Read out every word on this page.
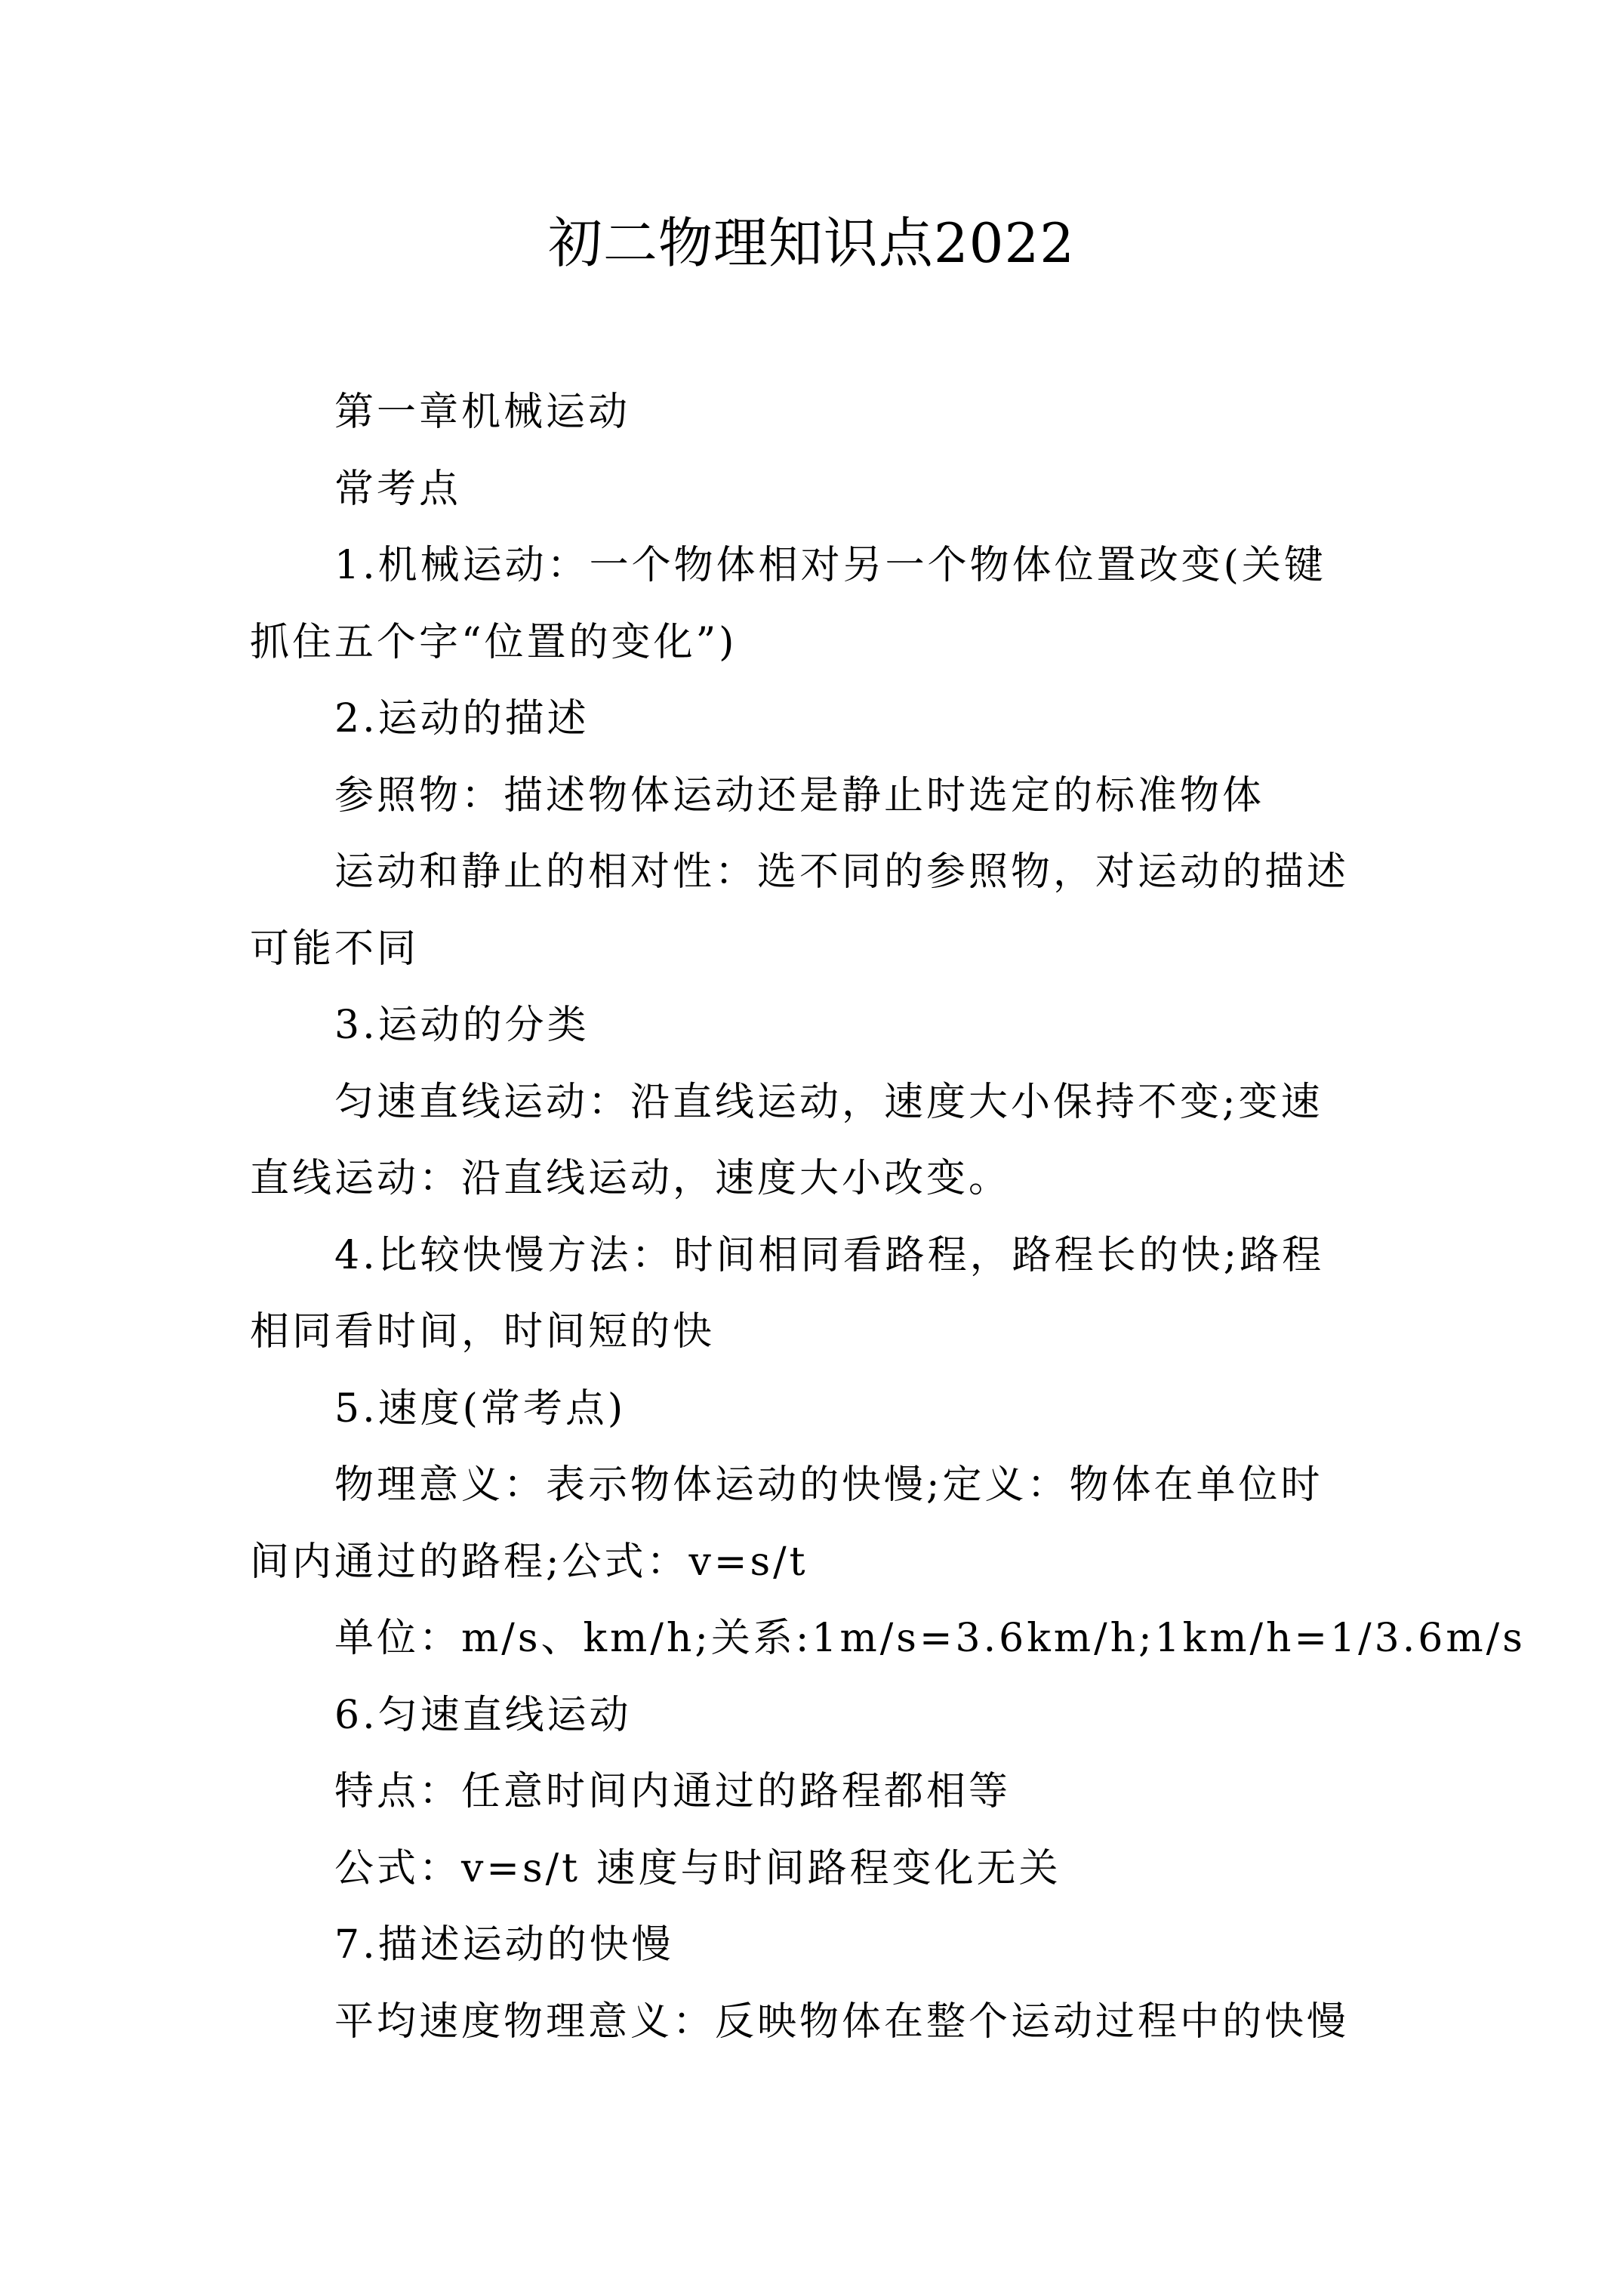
初二物理知识点2022

第一章机械运动

常考点

1.机械运动：一个物体相对另一个物体位置改变(关键

抓住五个字“位置的变化”)

2.运动的描述

参照物：描述物体运动还是静止时选定的标准物体

运动和静止的相对性：选不同的参照物，对运动的描述

可能不同

3.运动的分类

匀速直线运动：沿直线运动，速度大小保持不变;变速

直线运动：沿直线运动，速度大小改变。

4.比较快慢方法：时间相同看路程，路程长的快;路程

相同看时间，时间短的快

5.速度(常考点)

物理意义：表示物体运动的快慢;定义：物体在单位时

间内通过的路程;公式：v=s/t

单位：m/s、km/h;关系:1m/s=3.6km/h;1km/h=1/3.6m/s

6.匀速直线运动

特点：任意时间内通过的路程都相等

公式：v=s/t 速度与时间路程变化无关

7.描述运动的快慢

平均速度物理意义：反映物体在整个运动过程中的快慢
